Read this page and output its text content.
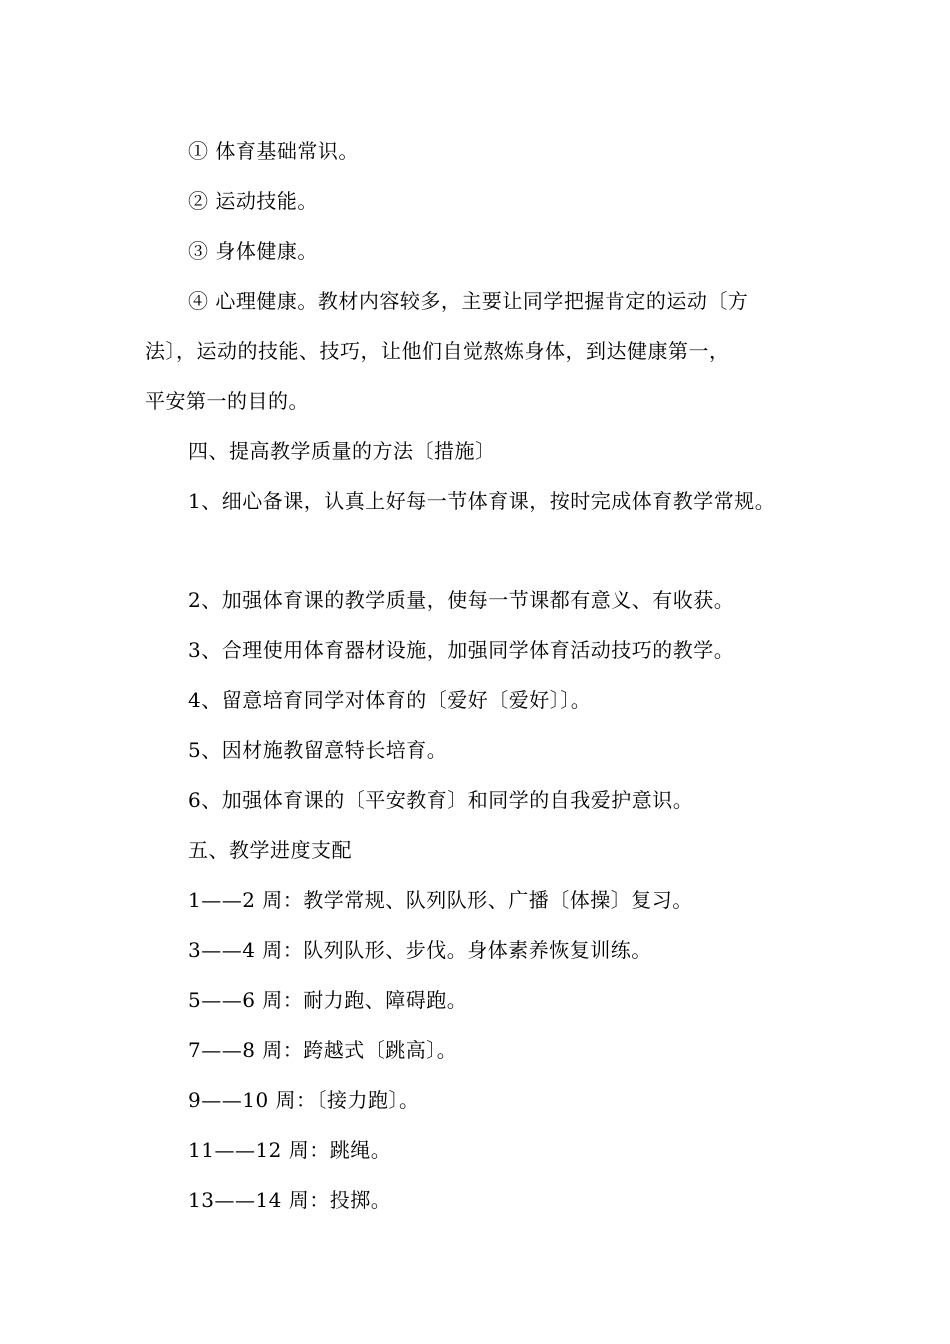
① 体育基础常识。
② 运动技能。
③ 身体健康。
④ 心理健康。教材内容较多，主要让同学把握肯定的运动〔方
法〕，运动的技能、技巧，让他们自觉熬炼身体，到达健康第一，
平安第一的目的。
四、提高教学质量的方法〔措施〕
1、细心备课，认真上好每一节体育课，按时完成体育教学常规。
2、加强体育课的教学质量，使每一节课都有意义、有收获。
3、合理使用体育器材设施，加强同学体育活动技巧的教学。
4、留意培育同学对体育的〔爱好〔爱好〕〕。
5、因材施教留意特长培育。
6、加强体育课的〔平安教育〕和同学的自我爱护意识。
五、教学进度支配
1——2 周：教学常规、队列队形、广播〔体操〕复习。
3——4 周：队列队形、步伐。身体素养恢复训练。
5——6 周：耐力跑、障碍跑。
7——8 周：跨越式〔跳高〕。
9——10 周：〔接力跑〕。
11——12 周：跳绳。
13——14 周：投掷。
